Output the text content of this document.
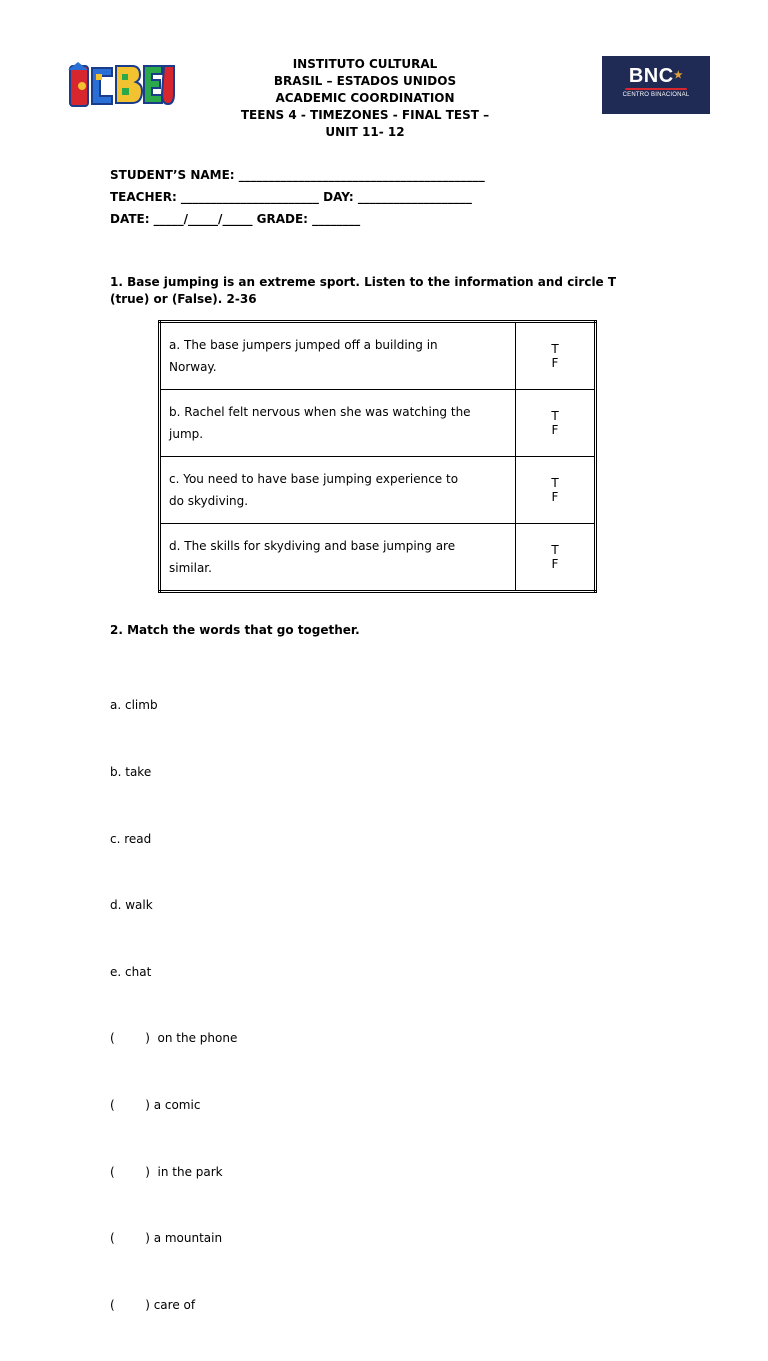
BNC★
CENTRO BINACIONAL
INSTITUTO CULTURAL
BRASIL – ESTADOS UNIDOS
ACADEMIC COORDINATION
TEENS 4 - TIMEZONES - FINAL TEST –
UNIT 11- 12
STUDENT’S NAME: _________________________________________
TEACHER: _______________________ DAY: ___________________
DATE: _____/_____/_____ GRADE: ________
1. Base jumping is an extreme sport. Listen to the information and circle T
(true) or (False). 2-36
a. The base jumpers jumped off a building in
Norway.	TF

b. Rachel felt nervous when she was watching the
jump.	TF

c. You need to have base jumping experience to
do skydiving.	TF

d. The skills for skydiving and base jumping are
similar.	TF
2. Match the words that go together.

a. climb

b. take

c. read

d. walk

e. chat

(        )  on the phone

(        ) a comic

(        )  in the park

(        ) a mountain

(        ) care of
